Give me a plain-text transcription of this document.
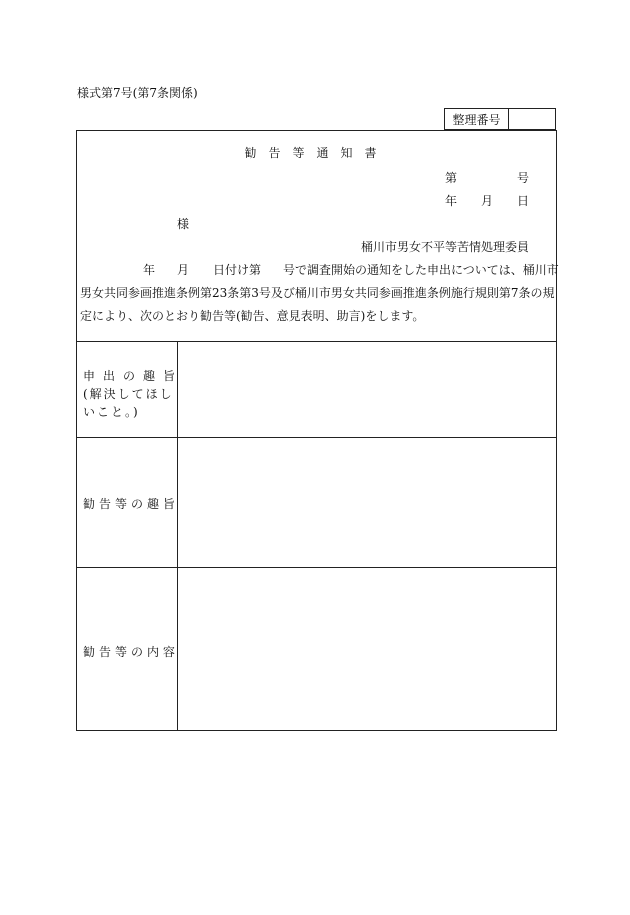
様式第7号(第7条関係)
整理番号
勧告等通知書
第	号
年 月 日
様
桶川市男女不平等苦情処理委員
年 月 日付け第 号で調査開始の通知をした申出については、桶川市
男女共同参画推進条例第23条第3号及び桶川市男女共同参画推進条例施行規則第7条の規
定により、次のとおり勧告等(勧告、意見表明、助言)をします。
申 出 の 趣 旨
(解決してほし
いこと。)
勧 告 等 の 趣 旨
勧 告 等 の 内 容
